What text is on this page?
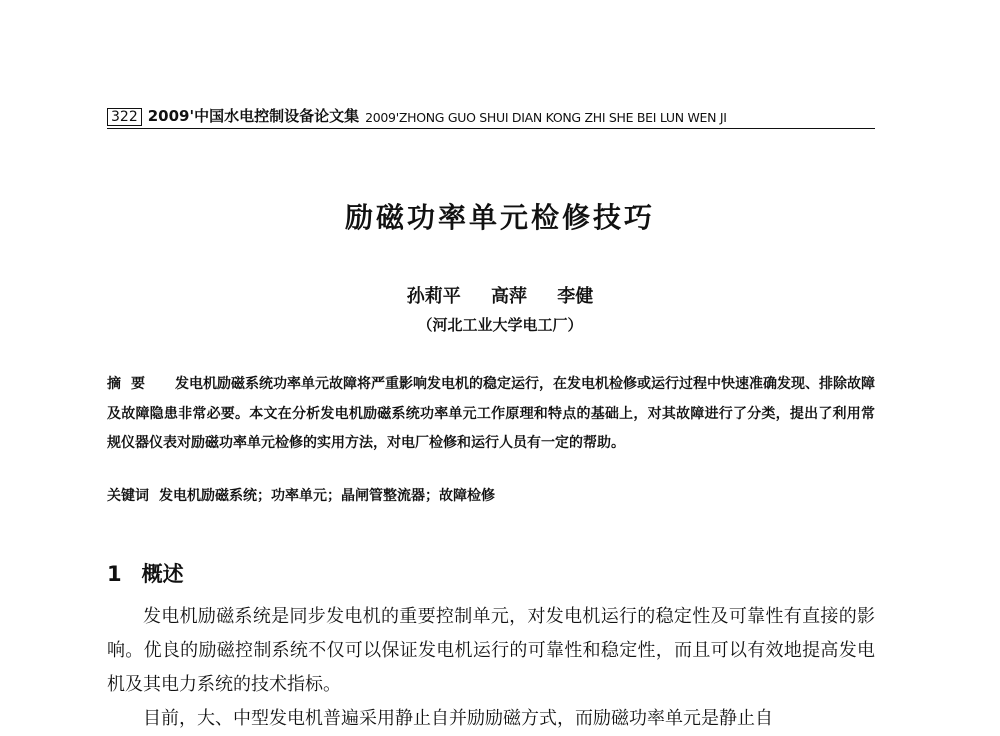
322 2009'中国水电控制设备论文集 2009'ZHONG GUO SHUI DIAN KONG ZHI SHE BEI LUN WEN JI
励磁功率单元检修技巧
孙莉平 高萍 李健
（河北工业大学电工厂）
摘要 发电机励磁系统功率单元故障将严重影响发电机的稳定运行，在发电机检修或运行过程中快速准确发现、排除故障及故障隐患非常必要。本文在分析发电机励磁系统功率单元工作原理和特点的基础上，对其故障进行了分类，提出了利用常规仪器仪表对励磁功率单元检修的实用方法，对电厂检修和运行人员有一定的帮助。
关键词 发电机励磁系统；功率单元；晶闸管整流器；故障检修
1 概述

发电机励磁系统是同步发电机的重要控制单元，对发电机运行的稳定性及可靠性有直接的影响。优良的励磁控制系统不仅可以保证发电机运行的可靠性和稳定性，而且可以有效地提高发电机及其电力系统的技术指标。

目前，大、中型发电机普遍采用静止自并励励磁方式，而励磁功率单元是静止自
